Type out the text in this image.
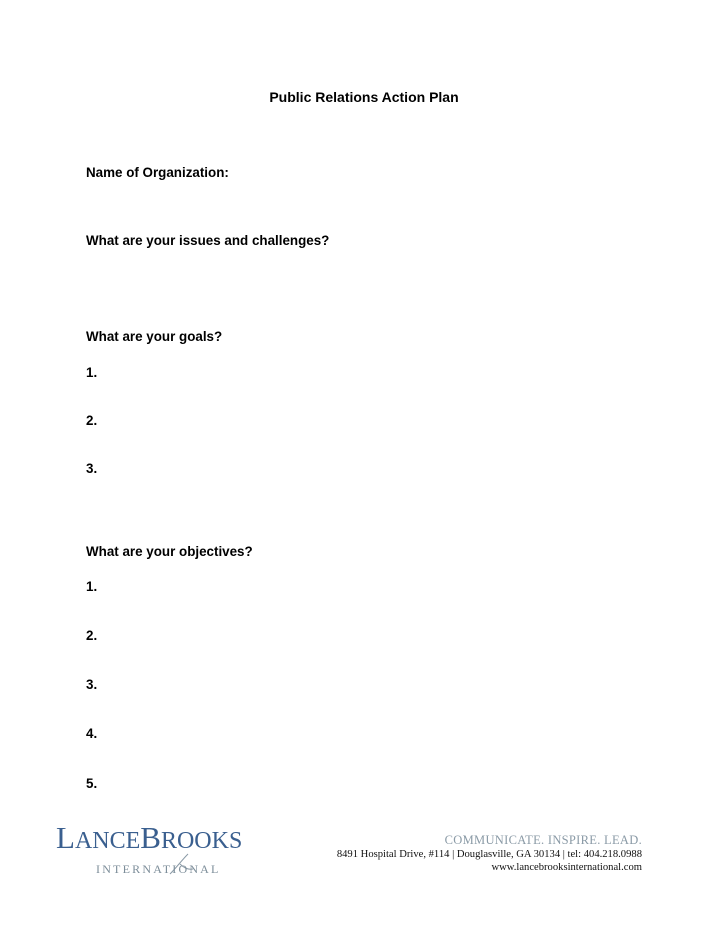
Public Relations Action Plan
Name of Organization:
What are your issues and challenges?
What are your goals?
1.
2.
3.
What are your objectives?
1.
2.
3.
4.
5.
LANCEBROOKS
INTERNATIONAL
COMMUNICATE. INSPIRE. LEAD.
8491 Hospital Drive, #114 | Douglasville, GA 30134 | tel: 404.218.0988
www.lancebrooksinternational.com
